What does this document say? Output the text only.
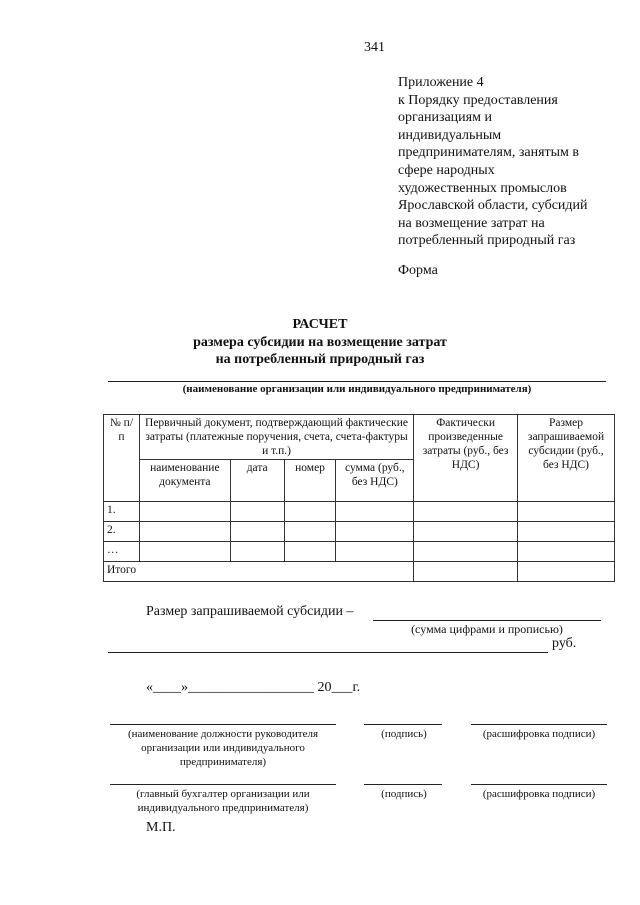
341
Приложение 4
к Порядку предоставления
организациям и
индивидуальным
предпринимателям, занятым в
сфере народных
художественных промыслов
Ярославской области, субсидий
на возмещение затрат на
потребленный природный газ
Форма
РАСЧЕТ
размера субсидии на возмещение затрат
на потребленный природный газ
(наименование организации или индивидуального предпринимателя)
№ п/п	Первичный документ, подтверждающий фактические затраты (платежные поручения, счета, счета-фактуры и т.п.)				Фактически произведенные затраты (руб., без НДС)	Размер запрашиваемой субсидии (руб., без НДС)
	наименование документа	дата	номер	сумма (руб., без НДС)		
1.						
2.						
…						
Итого						
Размер запрашиваемой субсидии –
(сумма цифрами и прописью)
руб.
«____»__________________ 20___г.
(наименование должности руководителя организации или индивидуального предпринимателя)
(подпись)	(расшифровка подписи)
(главный бухгалтер организации или индивидуального предпринимателя)
(подпись)	(расшифровка подписи)
М.П.
